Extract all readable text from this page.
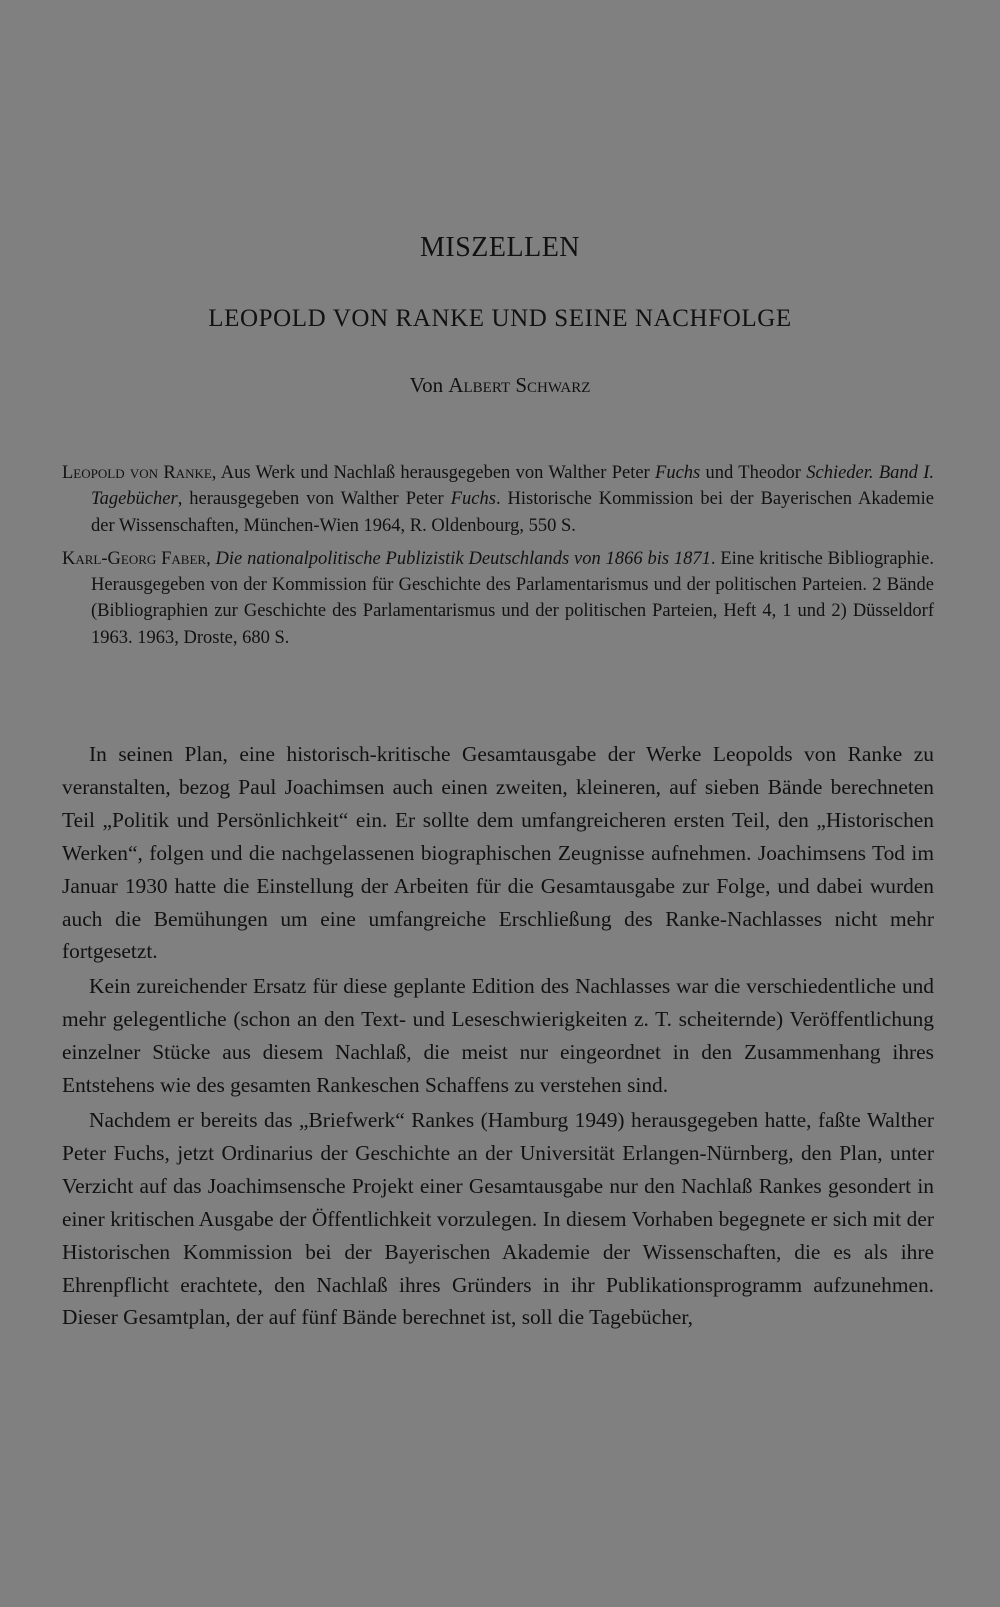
MISZELLEN
LEOPOLD VON RANKE UND SEINE NACHFOLGE
Von Albert Schwarz

Leopold von Ranke, Aus Werk und Nachlaß herausgegeben von Walther Peter Fuchs und Theodor Schieder. Band I. Tagebücher, herausgegeben von Walther Peter Fuchs. Historische Kommission bei der Bayerischen Akademie der Wissenschaften, München-Wien 1964, R. Oldenbourg, 550 S.

Karl-Georg Faber, Die nationalpolitische Publizistik Deutschlands von 1866 bis 1871. Eine kritische Bibliographie. Herausgegeben von der Kommission für Geschichte des Parlamentarismus und der politischen Parteien. 2 Bände (Bibliographien zur Geschichte des Parlamentarismus und der politischen Parteien, Heft 4, 1 und 2) Düsseldorf 1963. 1963, Droste, 680 S.

In seinen Plan, eine historisch-kritische Gesamtausgabe der Werke Leopolds von Ranke zu veranstalten, bezog Paul Joachimsen auch einen zweiten, kleineren, auf sieben Bände berechneten Teil „Politik und Persönlichkeit“ ein. Er sollte dem umfangreicheren ersten Teil, den „Historischen Werken“, folgen und die nachgelassenen biographischen Zeugnisse aufnehmen. Joachimsens Tod im Januar 1930 hatte die Einstellung der Arbeiten für die Gesamtausgabe zur Folge, und dabei wurden auch die Bemühungen um eine umfangreiche Erschließung des Ranke-Nachlasses nicht mehr fortgesetzt.

Kein zureichender Ersatz für diese geplante Edition des Nachlasses war die verschiedentliche und mehr gelegentliche (schon an den Text- und Leseschwierigkeiten z. T. scheiternde) Veröffentlichung einzelner Stücke aus diesem Nachlaß, die meist nur eingeordnet in den Zusammenhang ihres Entstehens wie des gesamten Rankeschen Schaffens zu verstehen sind.

Nachdem er bereits das „Briefwerk“ Rankes (Hamburg 1949) herausgegeben hatte, faßte Walther Peter Fuchs, jetzt Ordinarius der Geschichte an der Universität Erlangen-Nürnberg, den Plan, unter Verzicht auf das Joachimsensche Projekt einer Gesamtausgabe nur den Nachlaß Rankes gesondert in einer kritischen Ausgabe der Öffentlichkeit vorzulegen. In diesem Vorhaben begegnete er sich mit der Historischen Kommission bei der Bayerischen Akademie der Wissenschaften, die es als ihre Ehrenpflicht erachtete, den Nachlaß ihres Gründers in ihr Publikationsprogramm aufzunehmen. Dieser Gesamtplan, der auf fünf Bände berechnet ist, soll die Tagebücher,
